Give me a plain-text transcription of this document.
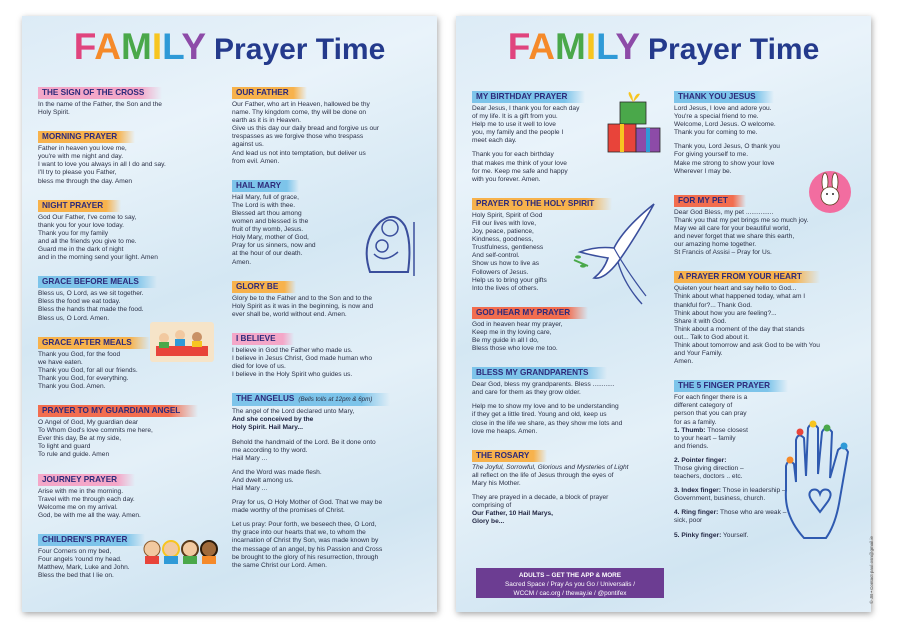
FAMILY Prayer Time
THE SIGN OF THE CROSS
In the name of the Father, the Son and the
Holy Spirit.
MORNING PRAYER
Father in heaven you love me,
you're with me night and day.
I want to love you always in all I do and say.
I'll try to please you Father,
bless me through the day. Amen
NIGHT PRAYER
God Our Father, I've come to say,
thank you for your love today.
Thank you for my family
and all the friends you give to me.
Guard me in the dark of night
and in the morning send your light. Amen
GRACE BEFORE MEALS
Bless us, O Lord, as we sit together.
Bless the food we eat today.
Bless the hands that made the food.
Bless us, O Lord. Amen.
GRACE AFTER MEALS
Thank you God, for the food
we have eaten.
Thank you God, for all our friends.
Thank you God, for everything.
Thank you God. Amen.
PRAYER TO MY GUARDIAN ANGEL
O Angel of God, My guardian dear
To Whom God's love commits me here,
Ever this day, Be at my side,
To light and guard
To rule and guide. Amen
JOURNEY PRAYER
Arise with me in the morning.
Travel with me through each day.
Welcome me on my arrival.
God, be with me all the way. Amen.
CHILDREN'S PRAYER
Four Corners on my bed,
Four angels 'round my head.
Matthew, Mark, Luke and John.
Bless the bed that I lie on.
OUR FATHER
Our Father, who art in Heaven, hallowed be thy
name. Thy kingdom come, thy will be done on
earth as it is in Heaven.
Give us this day our daily bread and forgive us our
trespasses as we forgive those who trespass
against us.
And lead us not into temptation, but deliver us
from evil. Amen.
HAIL MARY
Hail Mary, full of grace,
The Lord is with thee.
Blessed art thou among
women and blessed is the
fruit of thy womb, Jesus.
Holy Mary, mother of God,
Pray for us sinners, now and
at the hour of our death.
Amen.
GLORY BE
Glory be to the Father and to the Son and to the
Holy Spirit as it was in the beginning, is now and
ever shall be, world without end. Amen.
I BELIEVE
I believe in God the Father who made us.
I believe in Jesus Christ, God made human who
died for love of us.
I believe in the Holy Spirit who guides us.
THE ANGELUS (Bells tolls at 12pm & 6pm)
The angel of the Lord declared unto Mary,
And she conceived by the
Holy Spirit. Hail Mary...
Behold the handmaid of the Lord. Be it done onto
me according to thy word.
Hail Mary ...
And the Word was made flesh.
And dwelt among us.
Hail Mary ...
Pray for us, O Holy Mother of God. That we may be
made worthy of the promises of Christ.
Let us pray: Pour forth, we beseech thee, O Lord,
thy grace into our hearts that we, to whom the
incarnation of Christ thy Son, was made known by
the message of an angel, by his Passion and Cross
be brought to the glory of his resurrection, through
the same Christ our Lord. Amen.
FAMILY Prayer Time
MY BIRTHDAY PRAYER
Dear Jesus, I thank you for each day
of my life. It is a gift from you.
Help me to use it well to love
you, my family and the people I
meet each day.
Thank you for each birthday
that makes me think of your love
for me. Keep me safe and happy
with you forever. Amen.
PRAYER TO THE HOLY SPIRIT
Holy Spirit, Spirit of God
Fill our lives with love,
Joy, peace, patience,
Kindness, goodness,
Trustfulness, gentleness
And self-control.
Show us how to live as
Followers of Jesus.
Help us to bring your gifts
Into the lives of others.
GOD HEAR MY PRAYER
God in heaven hear my prayer,
Keep me in thy loving care,
Be my guide in all I do,
Bless those who love me too.
BLESS MY GRANDPARENTS
Dear God, bless my grandparents. Bless ............
and care for them as they grow older.
Help me to show my love and to be understanding
if they get a little tired. Young and old, keep us
close in the life we share, as they show me lots and
love me heaps. Amen.
THE ROSARY
The Joyful, Sorrowful, Glorious and Mysteries of Light
all reflect on the life of Jesus through the eyes of
Mary his Mother.
They are prayed in a decade, a block of prayer
comprising of
Our Father, 10 Hail Marys,
Glory be...
THANK YOU JESUS
Lord Jesus, I love and adore you.
You're a special friend to me.
Welcome, Lord Jesus. O welcome.
Thank you for coming to me.
Thank you, Lord Jesus, O thank you
For giving yourself to me.
Make me strong to show your love
Wherever I may be.
FOR MY PET
Dear God Bless, my pet ...............
Thank you that my pet brings me so much joy.
May we all care for your beautiful world,
and never forget that we share this earth,
our amazing home together.
St Francis of Assisi – Pray for Us.
A PRAYER FROM YOUR HEART
Quieten your heart and say hello to God...
Think about what happened today, what am I
thankful for?... Thank God.
Think about how you are feeling?...
Share it with God.
Think about a moment of the day that stands
out... Talk to God about it.
Think about tomorrow and ask God to be with You
and Your Family.
Amen.
THE 5 FINGER PRAYER
For each finger there is a
different category of
person that you can pray
for as a family.
1. Thumb: Those closest
to your heart – family
and friends.
2. Pointer finger:
Those giving direction –
teachers, doctors .. etc.
3. Index finger: Those in leadership –
Government, business, church.
4. Ring finger: Those who are weak –
sick, poor
5. Pinky finger: Yourself.
ADULTS – GET THE APP & MORE
Sacred Space / Pray As you Go / Universalis /
WCCM / cac.org / theway.ie / @pontifex	© JB • Contact paul.osn@gmail.ie
